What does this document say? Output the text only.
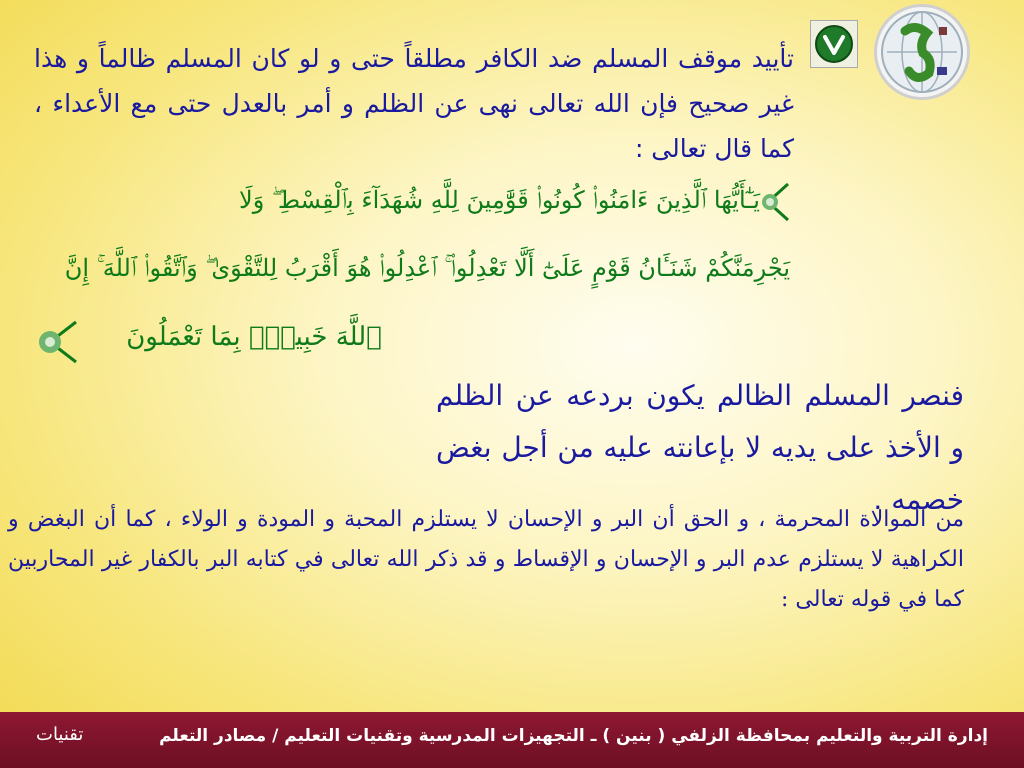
تأييد موقف المسلم ضد الكافر مطلقاً حتى و لو كان المسلم ظالماً و هذا غير صحيح فإن الله تعالى نهى عن الظلم و أمر بالعدل حتى مع الأعداء ، كما قال تعالى :
يَـٰٓأَيُّهَا ٱلَّذِينَ ءَامَنُوا۟ كُونُوا۟ قَوَّٰمِينَ لِلَّهِ شُهَدَآءَ بِٱلْقِسْطِ ۖ وَلَا
يَجْرِمَنَّكُمْ شَنَـَٔانُ قَوْمٍ عَلَىٰٓ أَلَّا تَعْدِلُوا۟ ۚ ٱعْدِلُوا۟ هُوَ أَقْرَبُ لِلتَّقْوَىٰ ۖ وَٱتَّقُوا۟ ٱللَّهَ ۚ إِنَّ
ٱللَّهَ خَبِيرٌۢ بِمَا تَعْمَلُونَ
فنصر المسلم الظالم يكون بردعه عن الظلم و الأخذ على يديه لا بإعانته عليه من أجل بغض خصمه .
من الموالاة المحرمة ، و الحق أن البر و الإحسان لا يستلزم المحبة و المودة و الولاء ، كما أن البغض و الكراهية لا يستلزم عدم البر و الإحسان و الإقساط و قد ذكر الله تعالى في كتابه البر بالكفار غير المحاربين كما في قوله تعالى :
إدارة التربية والتعليم بمحافظة الزلفي ( بنين ) ـ التجهيزات المدرسية وتقنيات التعليم / مصادر التعلم
تقنيات
